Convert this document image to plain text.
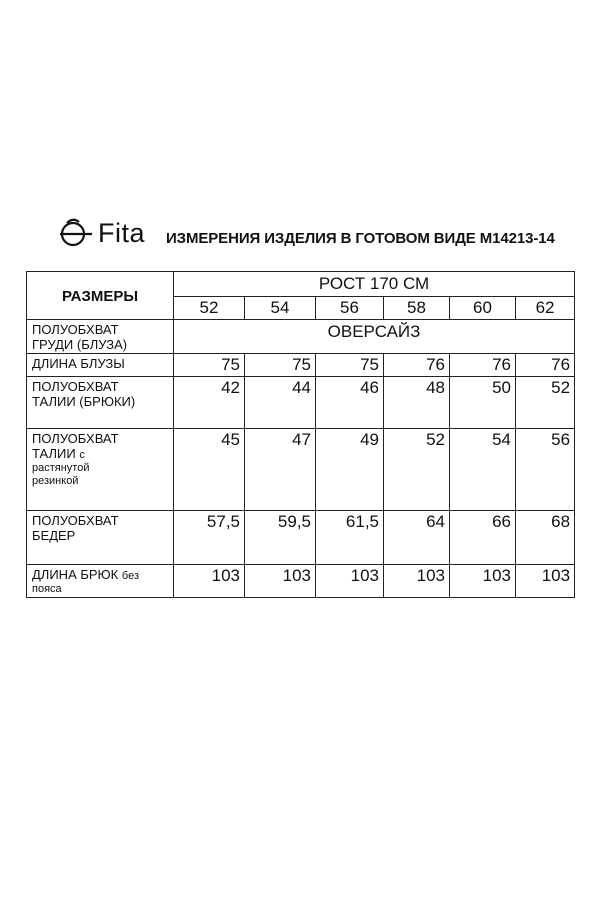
Fita ИЗМЕРЕНИЯ ИЗДЕЛИЯ В ГОТОВОМ ВИДЕ М14213-14
РАЗМЕРЫ	РОСТ 170 СМ					
	52	54	56	58	60	62

ПОЛУОБХВАТ
ГРУДИ (БЛУЗА)	ОВЕРСАЙЗ					
ДЛИНА БЛУЗЫ	75	75	75	76	76	76

ПОЛУОБХВАТ
ТАЛИИ (БРЮКИ)	42	44	46	48	50	52

ПОЛУОБХВАТ
ТАЛИИ с
растянутой
резинкой	45	47	49	52	54	56

ПОЛУОБХВАТ
БЕДЕР	57,5	59,5	61,5	64	66	68

ДЛИНА БРЮК без
пояса	103	103	103	103	103	103
